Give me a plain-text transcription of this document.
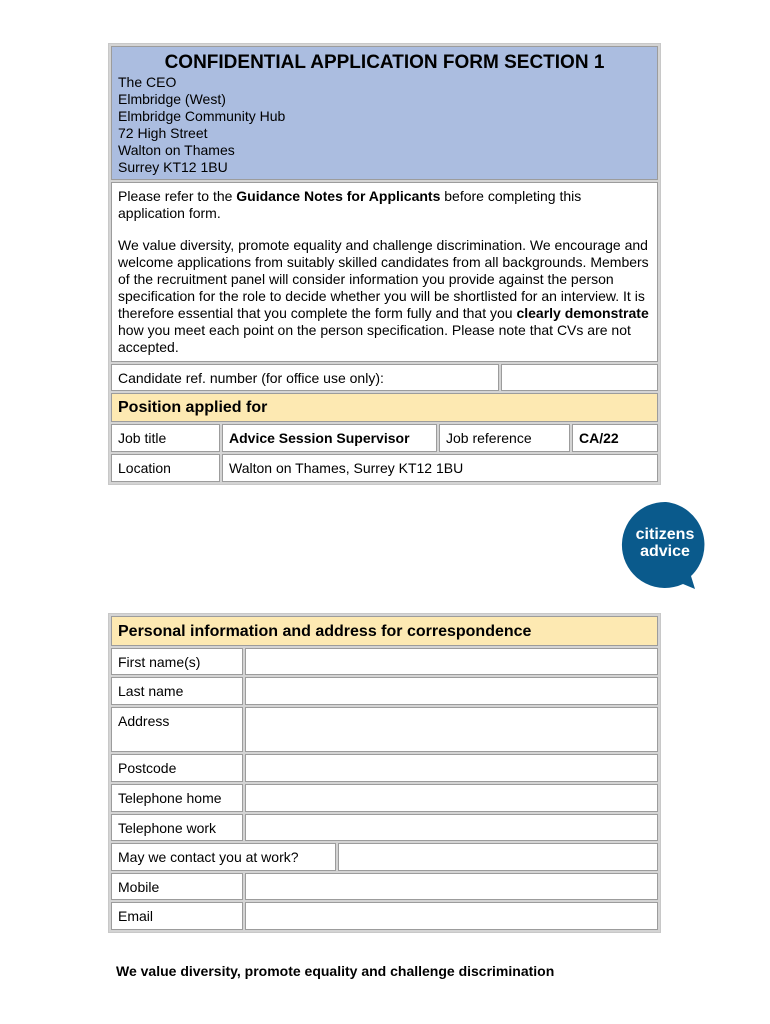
CONFIDENTIAL APPLICATION FORM SECTION 1
The CEO
Elmbridge (West)
Elmbridge Community Hub
72 High Street
Walton on Thames
Surrey KT12 1BU

Please refer to the Guidance Notes for Applicants before completing this application form.

We value diversity, promote equality and challenge discrimination. We encourage and welcome applications from suitably skilled candidates from all backgrounds. Members of the recruitment panel will consider information you provide against the person specification for the role to decide whether you will be shortlisted for an interview. It is therefore essential that you complete the form fully and that you clearly demonstrate how you meet each point on the person specification. Please note that CVs are not accepted.

Candidate ref. number (for office use only):
Position applied for
Job title	Advice Session Supervisor	Job reference	CA/22
Location	Walton on Thames, Surrey KT12 1BU
citizens
advice
Personal information and address for correspondence
First name(s)
Last name
Address
Postcode
Telephone home
Telephone work
May we contact you at work?
Mobile
Email
We value diversity, promote equality and challenge discrimination
